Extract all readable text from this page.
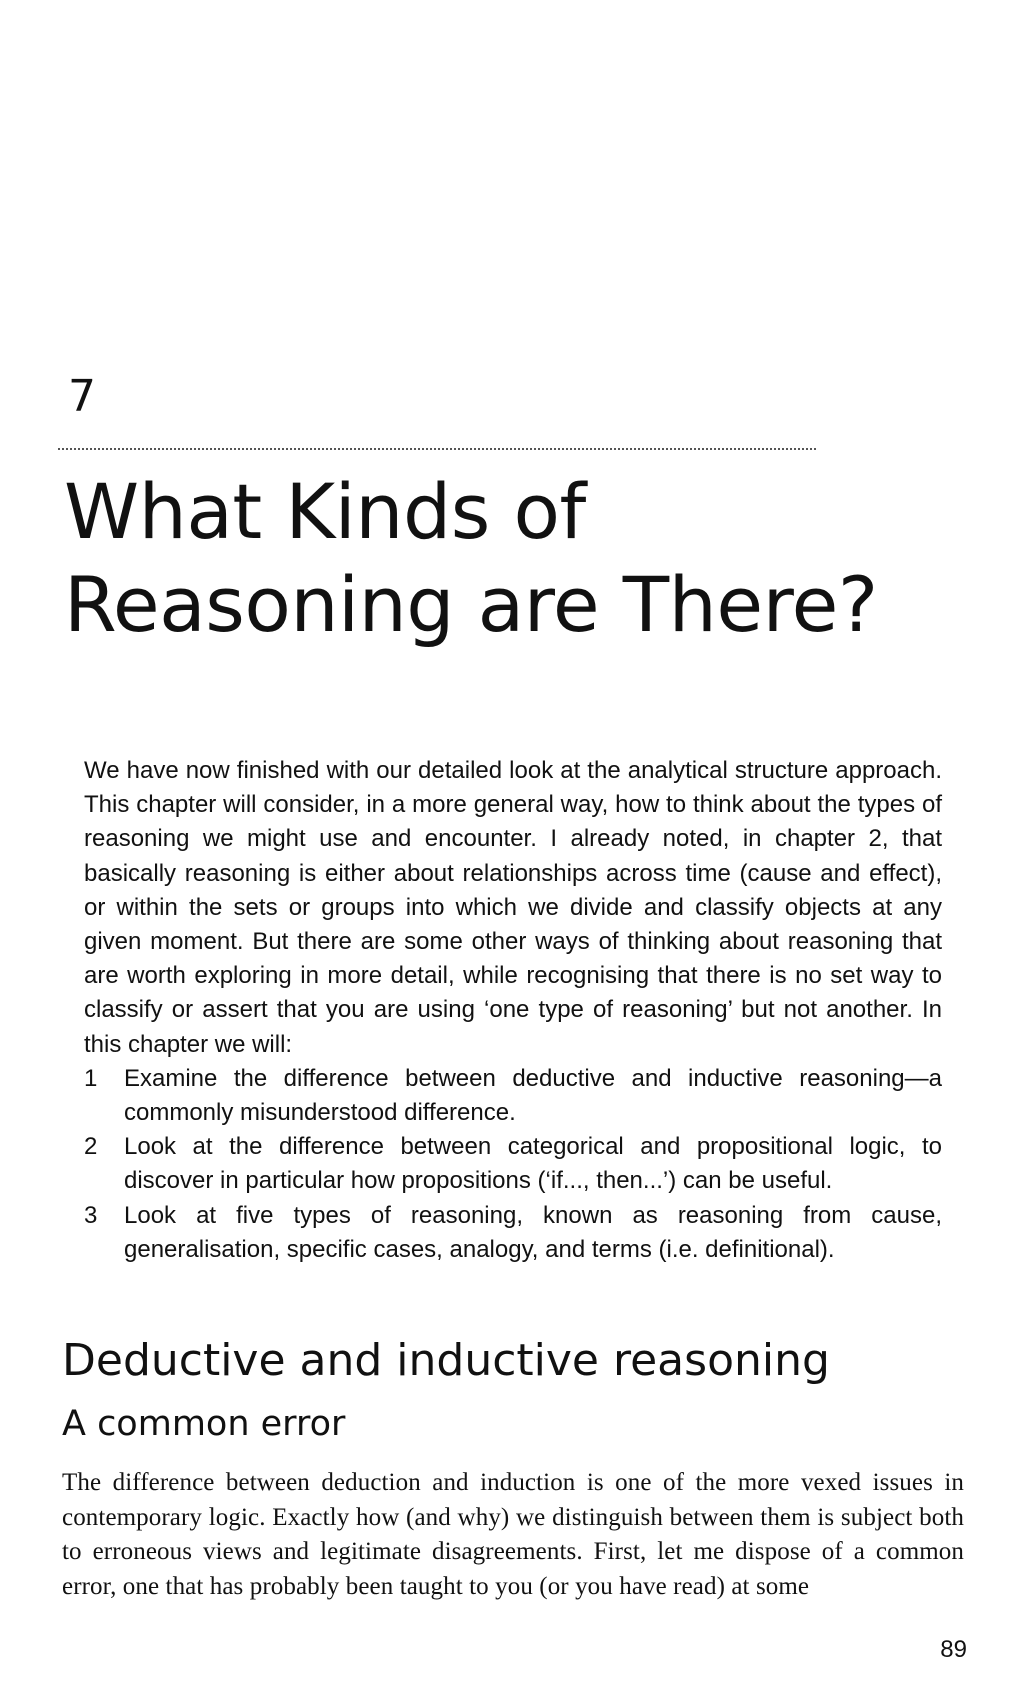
7
What Kinds of
Reasoning are There?

We have now finished with our detailed look at the analytical structure approach. This chapter will consider, in a more general way, how to think about the types of reasoning we might use and encounter. I already noted, in chapter 2, that basically reasoning is either about relationships across time (cause and effect), or within the sets or groups into which we divide and classify objects at any given moment. But there are some other ways of thinking about reasoning that are worth exploring in more detail, while recognising that there is no set way to classify or assert that you are using ‘one type of reasoning’ but not another. In this chapter we will:

1 Examine the difference between deductive and inductive reasoning—a commonly misunderstood difference.
2 Look at the difference between categorical and propositional logic, to discover in particular how propositions (‘if..., then...’) can be useful.
3 Look at five types of reasoning, known as reasoning from cause, generalisation, specific cases, analogy, and terms (i.e. definitional).
Deductive and inductive reasoning
A common error

The difference between deduction and induction is one of the more vexed issues in contemporary logic. Exactly how (and why) we distinguish between them is subject both to erroneous views and legitimate disagreements. First, let me dispose of a common error, one that has probably been taught to you (or you have read) at some

89
